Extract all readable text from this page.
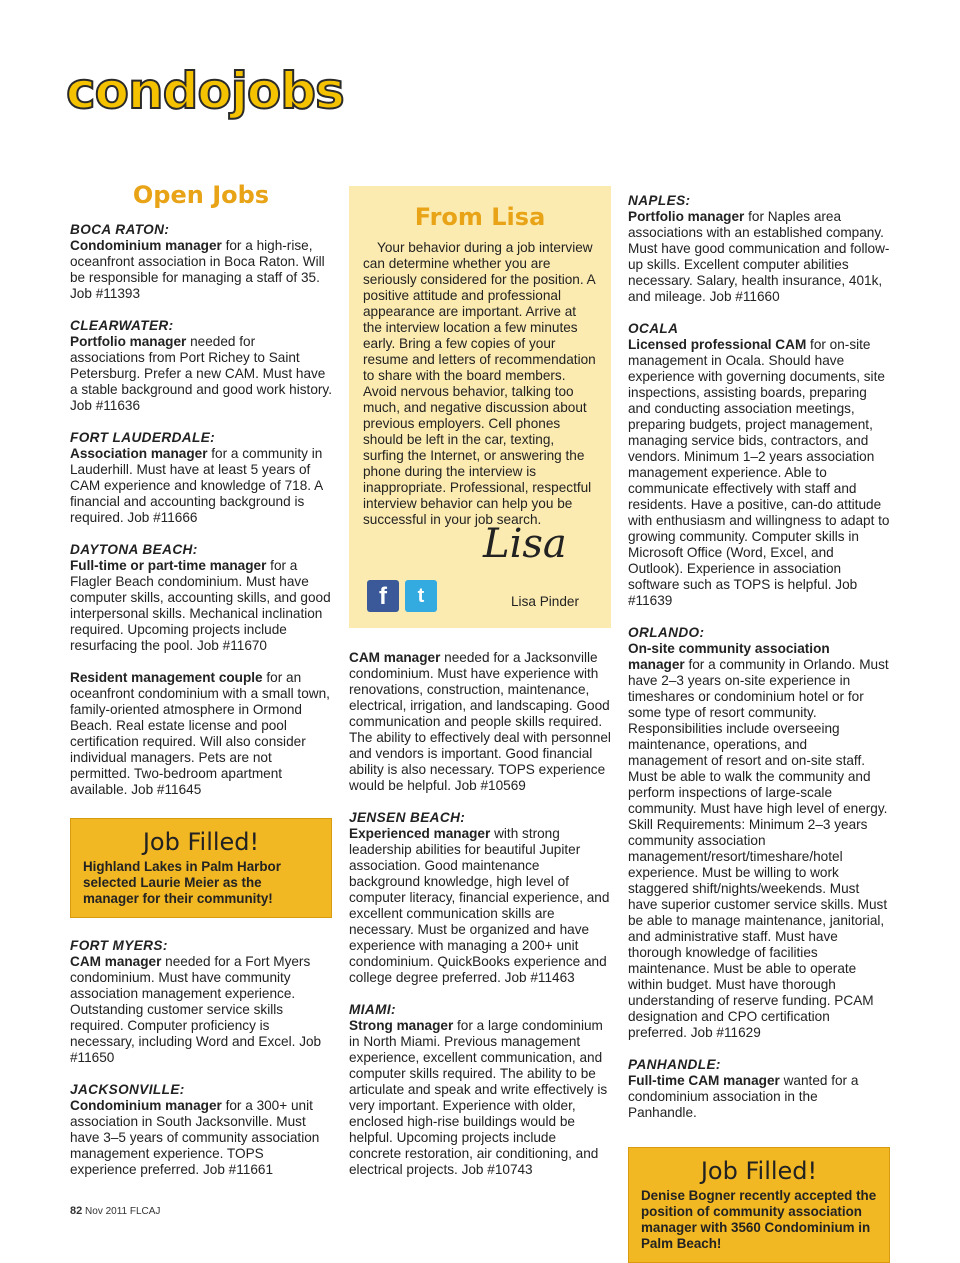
condojobs
Open Jobs
BOCA RATON:
Condominium manager for a high-rise, oceanfront association in Boca Raton. Will be responsible for managing a staff of 35. Job #11393
CLEARWATER:
Portfolio manager needed for associations from Port Richey to Saint Petersburg. Prefer a new CAM. Must have a stable background and good work history. Job #11636
FORT LAUDERDALE:
Association manager for a community in Lauderhill. Must have at least 5 years of CAM experience and knowledge of 718. A financial and accounting background is required. Job #11666
DAYTONA BEACH:
Full-time or part-time manager for a Flagler Beach condominium. Must have computer skills, accounting skills, and good interpersonal skills. Mechanical inclination required. Upcoming projects include resurfacing the pool. Job #11670
Resident management couple for an oceanfront condominium with a small town, family-oriented atmosphere in Ormond Beach. Real estate license and pool certification required. Will also consider individual managers. Pets are not permitted. Two-bedroom apartment available. Job #11645
Job Filled!
Highland Lakes in Palm Harbor selected Laurie Meier as the manager for their community!
FORT MYERS:
CAM manager needed for a Fort Myers condominium. Must have community association management experience. Outstanding customer service skills required. Computer proficiency is necessary, including Word and Excel. Job #11650
JACKSONVILLE:
Condominium manager for a 300+ unit association in South Jacksonville. Must have 3–5 years of community association management experience. TOPS experience preferred. Job #11661
From Lisa

Your behavior during a job interview can determine whether you are seriously considered for the position. A positive attitude and professional appearance are important. Arrive at the interview location a few minutes early. Bring a few copies of your resume and letters of recommendation to share with the board members. Avoid nervous behavior, talking too much, and negative discussion about previous employers. Cell phones should be left in the car, texting, surfing the Internet, or answering the phone during the interview is inappropriate. Professional, respectful interview behavior can help you be successful in your job search.

f	t
Lisa
Lisa Pinder
CAM manager needed for a Jacksonville condominium. Must have experience with renovations, construction, maintenance, electrical, irrigation, and landscaping. Good communication and people skills required. The ability to effectively deal with personnel and vendors is important. Good financial ability is also necessary. TOPS experience would be helpful. Job #10569
JENSEN BEACH:
Experienced manager with strong leadership abilities for beautiful Jupiter association. Good maintenance background knowledge, high level of computer literacy, financial experience, and excellent communication skills are necessary. Must be organized and have experience with managing a 200+ unit condominium. QuickBooks experience and college degree preferred. Job #11463
MIAMI:
Strong manager for a large condominium in North Miami. Previous management experience, excellent communication, and computer skills required. The ability to be articulate and speak and write effectively is very important. Experience with older, enclosed high-rise buildings would be helpful. Upcoming projects include concrete restoration, air conditioning, and electrical projects. Job #10743
NAPLES:
Portfolio manager for Naples area associations with an established company. Must have good communication and follow-up skills. Excellent computer abilities necessary. Salary, health insurance, 401k, and mileage. Job #11660
OCALA
Licensed professional CAM for on-site management in Ocala. Should have experience with governing documents, site inspections, assisting boards, preparing and conducting association meetings, preparing budgets, project management, managing service bids, contractors, and vendors. Minimum 1–2 years association management experience. Able to communicate effectively with staff and residents. Have a positive, can-do attitude with enthusiasm and willingness to adapt to growing community. Computer skills in Microsoft Office (Word, Excel, and Outlook). Experience in association software such as TOPS is helpful. Job #11639
ORLANDO:
On-site community association manager for a community in Orlando. Must have 2–3 years on-site experience in timeshares or condominium hotel or for some type of resort community. Responsibilities include overseeing maintenance, operations, and management of resort and on-site staff. Must be able to walk the community and perform inspections of large-scale community. Must have high level of energy. Skill Requirements: Minimum 2–3 years community association management/resort/timeshare/hotel experience. Must be willing to work staggered shift/nights/weekends. Must have superior customer service skills. Must be able to manage maintenance, janitorial, and administrative staff. Must have thorough knowledge of facilities maintenance. Must be able to operate within budget. Must have thorough understanding of reserve funding. PCAM designation and CPO certification preferred. Job #11629
PANHANDLE:
Full-time CAM manager wanted for a condominium association in the Panhandle.
Job Filled!
Denise Bogner recently accepted the position of community association manager with 3560 Condominium in Palm Beach!
82 Nov 2011 FLCAJ
